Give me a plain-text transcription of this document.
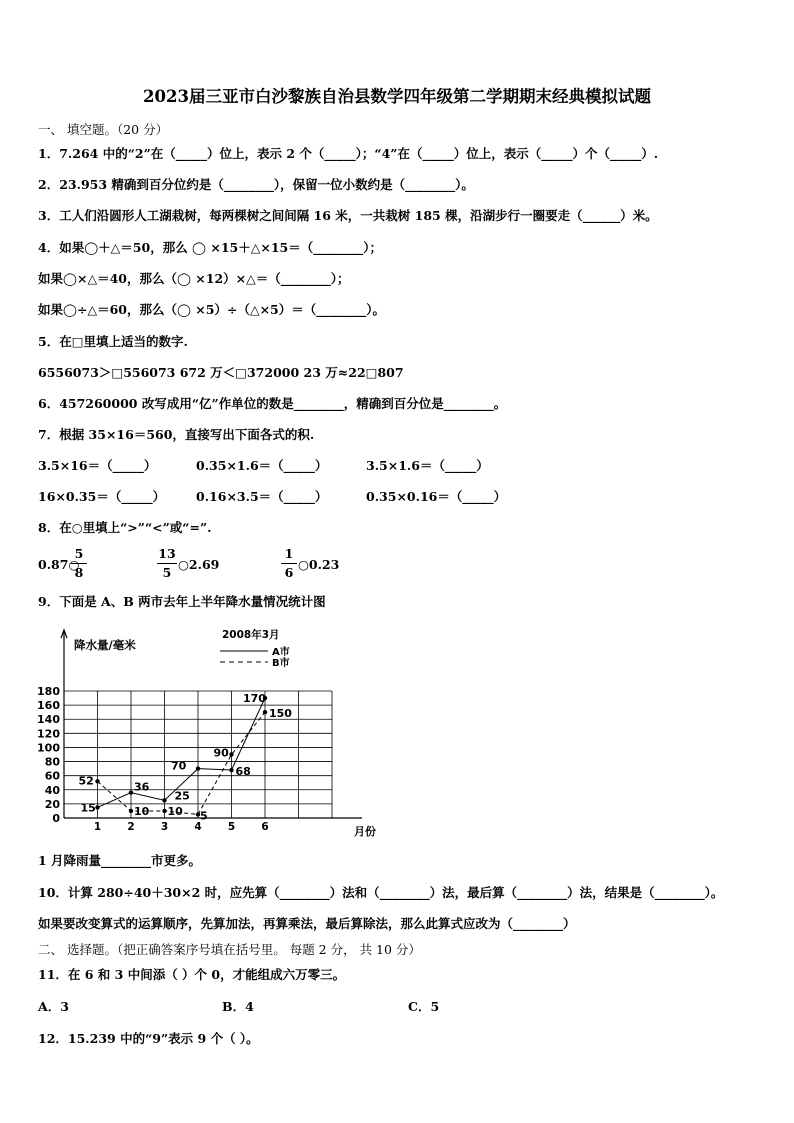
2023届三亚市白沙黎族自治县数学四年级第二学期期末经典模拟试题
一、 填空题。（20 分）
1．7.264 中的“2”在（_____）位上，表示 2 个（_____）；“4”在（_____）位上，表示（_____）个（_____）.
2．23.953 精确到百分位约是（________），保留一位小数约是（________）。
3．工人们沿圆形人工湖栽树，每两棵树之间间隔 16 米，一共栽树 185 棵，沿湖步行一圈要走（______）米。
4．如果◯＋△＝50，那么 ◯ ×15＋△×15＝（________）；
如果◯×△＝40，那么（◯ ×12）×△＝（________）；
如果◯÷△＝60，那么（◯ ×5）÷（△×5）＝（________）。
5．在□里填上适当的数字.
6556073＞□556073 672 万＜□372000 23 万≈22□807
6．457260000 改写成用“亿”作单位的数是________，精确到百分位是________。
7．根据 35×16＝560，直接写出下面各式的积.
3.5×16＝（_____）	0.35×1.6＝（_____）	3.5×1.6＝（_____）
16×0.35＝（_____） 0.16×3.5＝（_____）	0.35×0.16＝（_____）
8．在○里填上“>”“<”或“=”.
0.87○
5
8
13
5
○2.69
1
6
○0.23
9．下面是 A、B 两市去年上半年降水量情况统计图
0
20
40
60
80
100
120
140
160
180
1 2 3 4 5 6
降水量/毫米
月份
2008年3月
A市
B市
15
52	36
10
25
10
70
5
68
90
170
150
1 月降雨量________市更多。
10．计算 280÷40＋30×2 时，应先算（________）法和（________）法，最后算（________）法，结果是（________）。
如果要改变算式的运算顺序，先算加法，再算乘法，最后算除法，那么此算式应改为（________）
二、 选择题。（把正确答案序号填在括号里。 每题 2 分， 共 10 分）
11．在 6 和 3 中间添（ ）个 0，才能组成六万零三。
A．3	B．4	C．5
12．15.239 中的“9”表示 9 个（ ）。
